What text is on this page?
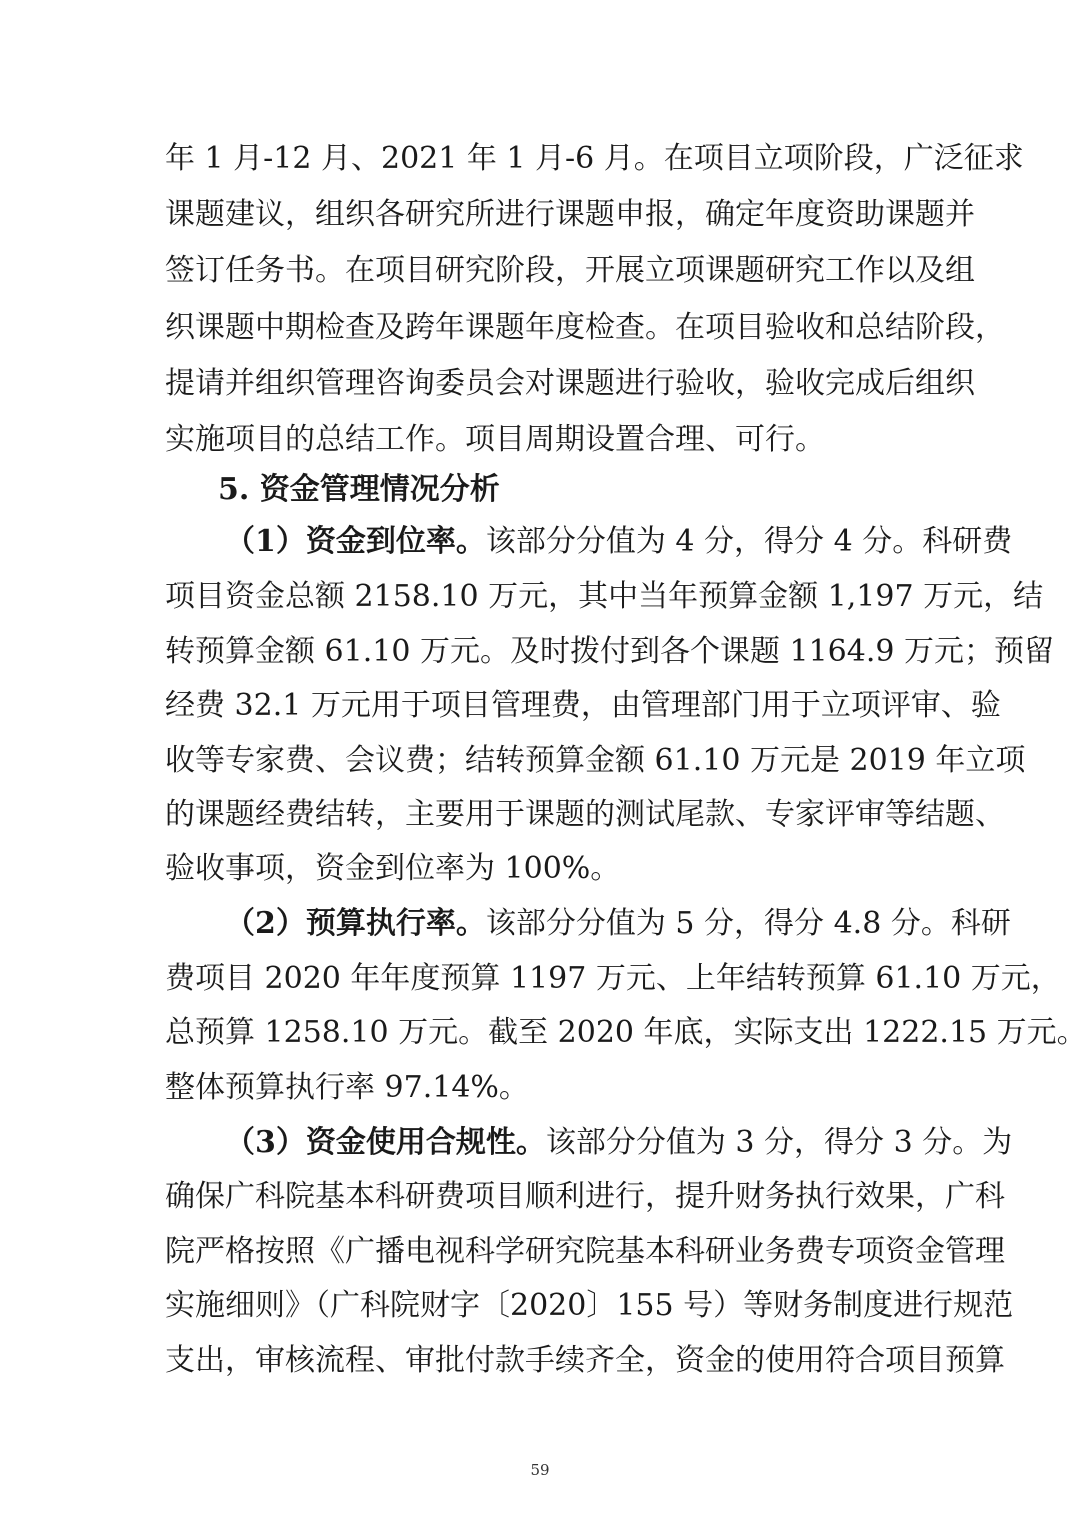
年 1 月-12 月、2021 年 1 月-6 月。在项目立项阶段，广泛征求
课题建议，组织各研究所进行课题申报，确定年度资助课题并
签订任务书。在项目研究阶段，开展立项课题研究工作以及组
织课题中期检查及跨年课题年度检查。在项目验收和总结阶段，
提请并组织管理咨询委员会对课题进行验收，验收完成后组织
实施项目的总结工作。项目周期设置合理、可行。
5. 资金管理情况分析
（1）资金到位率。该部分分值为 4 分，得分 4 分。科研费
项目资金总额 2158.10 万元，其中当年预算金额 1,197 万元，结
转预算金额 61.10 万元。及时拨付到各个课题 1164.9 万元；预留
经费 32.1 万元用于项目管理费，由管理部门用于立项评审、验
收等专家费、会议费；结转预算金额 61.10 万元是 2019 年立项
的课题经费结转，主要用于课题的测试尾款、专家评审等结题、
验收事项，资金到位率为 100%。
（2）预算执行率。该部分分值为 5 分，得分 4.8 分。科研
费项目 2020 年年度预算 1197 万元、上年结转预算 61.10 万元，
总预算 1258.10 万元。截至 2020 年底，实际支出 1222.15 万元。
整体预算执行率 97.14%。
（3）资金使用合规性。该部分分值为 3 分，得分 3 分。为
确保广科院基本科研费项目顺利进行，提升财务执行效果，广科
院严格按照《广播电视科学研究院基本科研业务费专项资金管理
实施细则》（广科院财字〔2020〕155 号）等财务制度进行规范
支出，审核流程、审批付款手续齐全，资金的使用符合项目预算
59
